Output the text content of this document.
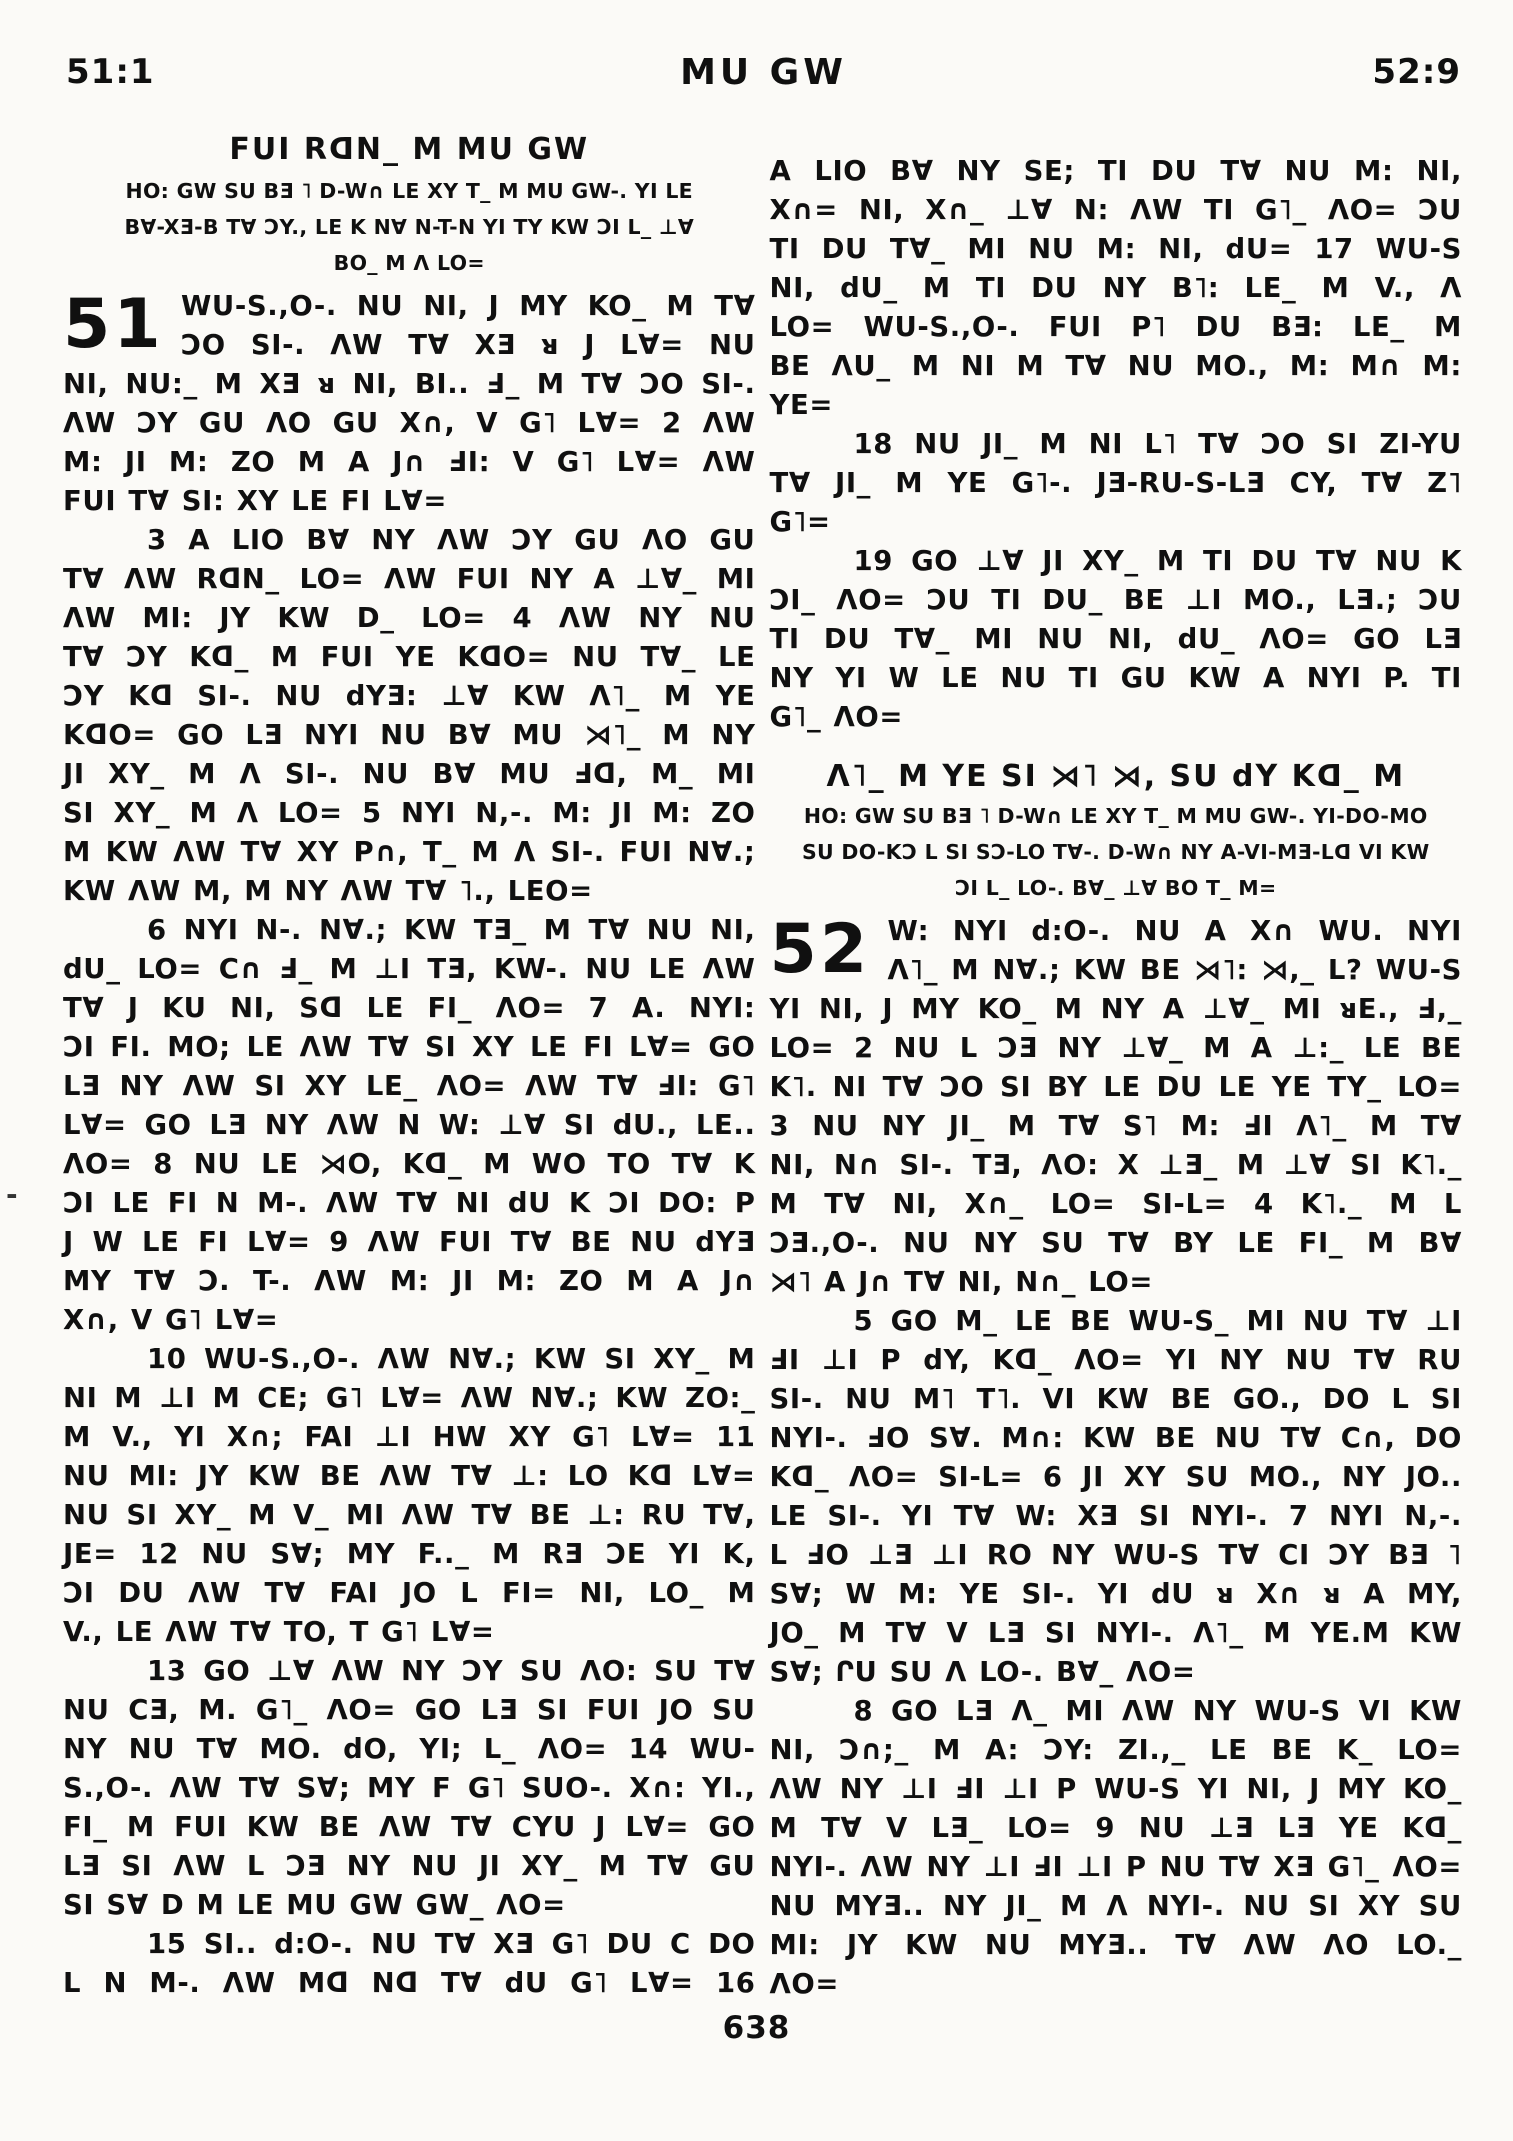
51:1	MU GW	52:9
-
FUI RᗡN_ M MU GW
HO: GW SU BƎ ˥ D-W∩ LE XY T_ M MU GW-. YI LE
B∀-XƎ-B T∀ ƆY., LE K N∀ N-T-N YI TY KW ƆI L_ ⊥∀
BO_ M Λ LO=
51 WU-S.,O-. NU NI, J MY KO_ M T∀
ƆO SI-. ΛW T∀ XƎ ᴚ J L∀= NU
NI, NU:_ M XƎ ᴚ NI, BI.. Ⅎ_ M T∀ ƆO SI-.
ΛW ƆY GU ΛO GU X∩, V G˥ L∀= 2 ΛW
M: JI M: ZO M A J∩ ℲI: V G˥ L∀= ΛW
FUI T∀ SI: XY LE FI L∀=
3 A LIO B∀ NY ΛW ƆY GU ΛO GU
T∀ ΛW RᗡN_ LO= ΛW FUI NY A ⊥∀_ MI
ΛW MI: JY KW D_ LO= 4 ΛW NY NU
T∀ ƆY Kᗡ_ M FUI YE KᗡO= NU T∀_ LE
ƆY Kᗡ SI-. NU dYƎ: ⊥∀ KW Λ˥_ M YE
KᗡO= GO LƎ NYI NU B∀ MU ⋊˥_ M NY
JI XY_ M Λ SI-. NU B∀ MU Ⅎᗡ, M_ MI
SI XY_ M Λ LO= 5 NYI N,-. M: JI M: ZO
M KW ΛW T∀ XY P∩, T_ M Λ SI-. FUI N∀.;
KW ΛW M, M NY ΛW T∀ ˥., LEO=
6 NYI N-. N∀.; KW TƎ_ M T∀ NU NI,
dU_ LO= C∩ Ⅎ_ M ⊥I TƎ, KW-. NU LE ΛW
T∀ J KU NI, Sᗡ LE FI_ ΛO= 7 A. NYI:
ƆI FI. MO; LE ΛW T∀ SI XY LE FI L∀= GO
LƎ NY ΛW SI XY LE_ ΛO= ΛW T∀ ℲI: G˥
L∀= GO LƎ NY ΛW N W: ⊥∀ SI dU., LE..
ΛO= 8 NU LE ⋊O, Kᗡ_ M WO TO T∀ K
ƆI LE FI N M-. ΛW T∀ NI dU K ƆI DO: P
J W LE FI L∀= 9 ΛW FUI T∀ BE NU dYƎ
MY T∀ Ɔ. T-. ΛW M: JI M: ZO M A J∩
X∩, V G˥ L∀=
10 WU-S.,O-. ΛW N∀.; KW SI XY_ M
NI M ⊥I M CE; G˥ L∀= ΛW N∀.; KW ZO:_
M V., YI X∩; FAI ⊥I HW XY G˥ L∀= 11
NU MI: JY KW BE ΛW T∀ ⊥: LO Kᗡ L∀=
NU SI XY_ M V_ MI ΛW T∀ BE ⊥: RU T∀,
JE= 12 NU S∀; MY F.._ M RƎ ƆE YI K,
ƆI DU ΛW T∀ FAI JO L FI= NI, LO_ M
V., LE ΛW T∀ TO, T G˥ L∀=
13 GO ⊥∀ ΛW NY ƆY SU ΛO: SU T∀
NU CƎ, M. G˥_ ΛO= GO LƎ SI FUI JO SU
NY NU T∀ MO. dO, YI; L_ ΛO= 14 WU-
S.,O-. ΛW T∀ S∀; MY F G˥ SUO-. X∩: YI.,
FI_ M FUI KW BE ΛW T∀ CYU J L∀= GO
LƎ SI ΛW L ƆƎ NY NU JI XY_ M T∀ GU
SI S∀ D M LE MU GW GW_ ΛO=
15 SI.. d:O-. NU T∀ XƎ G˥ DU C DO
L N M-. ΛW Mᗡ Nᗡ T∀ dU G˥ L∀= 16
A LIO B∀ NY SE; TI DU T∀ NU M: NI,
X∩= NI, X∩_ ⊥∀ N: ΛW TI G˥_ ΛO= ƆU
TI DU T∀_ MI NU M: NI, dU= 17 WU-S
NI, dU_ M TI DU NY B˥: LE_ M V., Λ
LO= WU-S.,O-. FUI P˥ DU BƎ: LE_ M
BE ΛU_ M NI M T∀ NU MO., M: M∩ M:
YE=
18 NU JI_ M NI L˥ T∀ ƆO SI ZI-YU
T∀ JI_ M YE G˥-. JƎ-RU-S-LƎ CY, T∀ Z˥
G˥=
19 GO ⊥∀ JI XY_ M TI DU T∀ NU K
ƆI_ ΛO= ƆU TI DU_ BE ⊥I MO., LƎ.; ƆU
TI DU T∀_ MI NU NI, dU_ ΛO= GO LƎ
NY YI W LE NU TI GU KW A NYI P. TI
G˥_ ΛO=
Λ˥_ M YE SI ⋊˥ ⋊, SU dY Kᗡ_ M
HO: GW SU BƎ ˥ D-W∩ LE XY T_ M MU GW-. YI-DO-MO
SU DO-KƆ L SI SƆ-LO T∀-. D-W∩ NY A-VI-MƎ-Lᗡ VI KW
ƆI L_ LO-. B∀_ ⊥∀ BO T_ M=
52 W: NYI d:O-. NU A X∩ WU. NYI
Λ˥_ M N∀.; KW BE ⋊˥: ⋊,_ L? WU-S
YI NI, J MY KO_ M NY A ⊥∀_ MI ᴚE., Ⅎ,_
LO= 2 NU L ƆƎ NY ⊥∀_ M A ⊥:_ LE BE
K˥. NI T∀ ƆO SI BY LE DU LE YE TY_ LO=
3 NU NY JI_ M T∀ S˥ M: ℲI Λ˥_ M T∀
NI, N∩ SI-. TƎ, ΛO: X ⊥Ǝ_ M ⊥∀ SI K˥._
M T∀ NI, X∩_ LO= SI-L= 4 K˥._ M L
ƆƎ.,O-. NU NY SU T∀ BY LE FI_ M B∀
⋊˥ A J∩ T∀ NI, N∩_ LO=
5 GO M_ LE BE WU-S_ MI NU T∀ ⊥I
ℲI ⊥I P dY, Kᗡ_ ΛO= YI NY NU T∀ RU
SI-. NU M˥ T˥. VI KW BE GO., DO L SI
NYI-. ℲO S∀. M∩: KW BE NU T∀ C∩, DO
Kᗡ_ ΛO= SI-L= 6 JI XY SU MO., NY JO..
LE SI-. YI T∀ W: XƎ SI NYI-. 7 NYI N,-.
L ℲO ⊥Ǝ ⊥I RO NY WU-S T∀ CI ƆY BƎ ˥
S∀; W M: YE SI-. YI dU ᴚ X∩ ᴚ A MY,
JO_ M T∀ V LƎ SI NYI-. Λ˥_ M YE.M KW
S∀; ՐU SU Λ LO-. B∀_ ΛO=
8 GO LƎ Λ_ MI ΛW NY WU-S VI KW
NI, Ɔ∩;_ M A: ƆY: ZI.,_ LE BE K_ LO=
ΛW NY ⊥I ℲI ⊥I P WU-S YI NI, J MY KO_
M T∀ V LƎ_ LO= 9 NU ⊥Ǝ LƎ YE Kᗡ_
NYI-. ΛW NY ⊥I ℲI ⊥I P NU T∀ XƎ G˥_ ΛO=
NU MYƎ.. NY JI_ M Λ NYI-. NU SI XY SU
MI: JY KW NU MYƎ.. T∀ ΛW ΛO LO._
ΛO=
638
